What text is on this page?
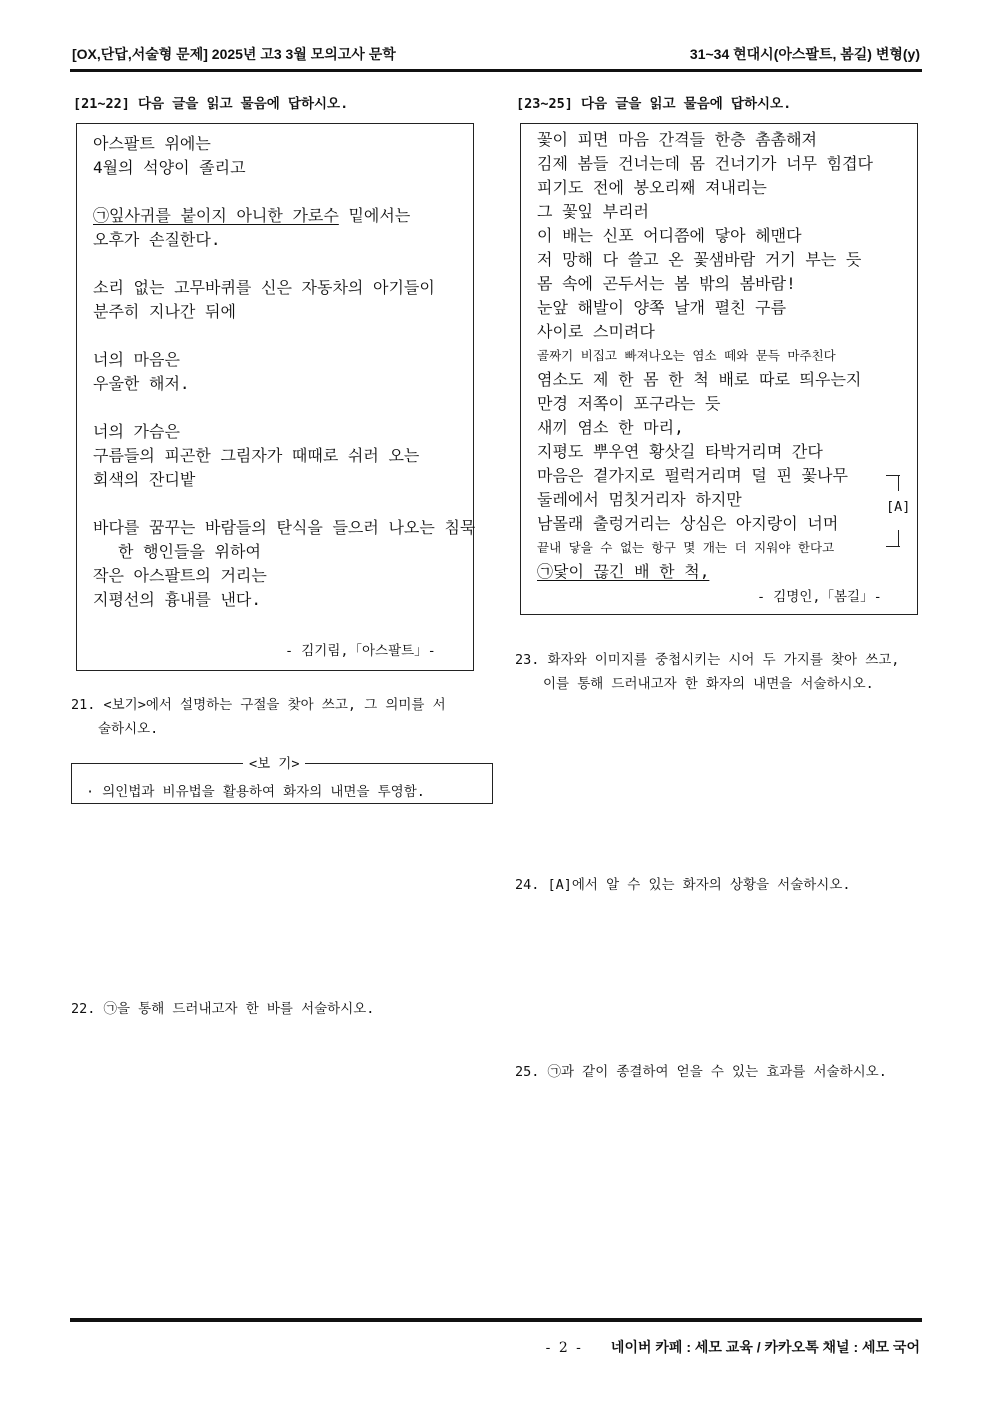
[OX,단답,서술형 문제] 2025년 고3 3월 모의고사 문학	31~34 현대시(아스팔트, 봄길) 변형(y)
[21~22] 다음 글을 읽고 물음에 답하시오.
아스팔트 위에는
4월의 석양이 졸리고
㉠잎사귀를 붙이지 아니한 가로수 밑에서는
오후가 손질한다.
소리 없는 고무바퀴를 신은 자동차의 아기들이
분주히 지나간 뒤에
너의 마음은
우울한 해저.
너의 가슴은
구름들의 피곤한 그림자가 때때로 쉬러 오는
회색의 잔디밭
바다를 꿈꾸는 바람들의 탄식을 들으러 나오는 침묵
한 행인들을 위하여
작은 아스팔트의 거리는
지평선의 흉내를 낸다.
- 김기림,「아스팔트」-
21. <보기>에서 설명하는 구절을 찾아 쓰고, 그 의미를 서
술하시오.
<보 기>
· 의인법과 비유법을 활용하여 화자의 내면을 투영함.
22. ㉠을 통해 드러내고자 한 바를 서술하시오.
[23~25] 다음 글을 읽고 물음에 답하시오.
꽃이 피면 마음 간격들 한층 촘촘해져
김제 봄들 건너는데 몸 건너기가 너무 힘겹다
피기도 전에 봉오리째 져내리는
그 꽃잎 부리러
이 배는 신포 어디쯤에 닿아 헤맨다
저 망해 다 쓸고 온 꽃샘바람 거기 부는 듯
몸 속에 곤두서는 봄 밖의 봄바람!
눈앞 해발이 양쪽 날개 펼친 구름
사이로 스미려다
골짜기 비집고 빠져나오는 염소 떼와 문득 마주친다
염소도 제 한 몸 한 척 배로 따로 띄우는지
만경 저쪽이 포구라는 듯
새끼 염소 한 마리,
지평도 뿌우연 황삿길 타박거리며 간다
마음은 곁가지로 펄럭거리며 덜 핀 꽃나무
둘레에서 멈칫거리자 하지만
남몰래 출렁거리는 상심은 아지랑이 너머
끝내 닿을 수 없는 항구 몇 개는 더 지워야 한다고
㉠닻이 끊긴 배 한 척,
[A]
- 김명인,「봄길」-
23. 화자와 이미지를 중첩시키는 시어 두 가지를 찾아 쓰고,
이를 통해 드러내고자 한 화자의 내면을 서술하시오.
24. [A]에서 알 수 있는 화자의 상황을 서술하시오.
25. ㉠과 같이 종결하여 얻을 수 있는 효과를 서술하시오.
- 2 - 네이버 카페 : 세모 교육 / 카카오톡 채널 : 세모 국어
